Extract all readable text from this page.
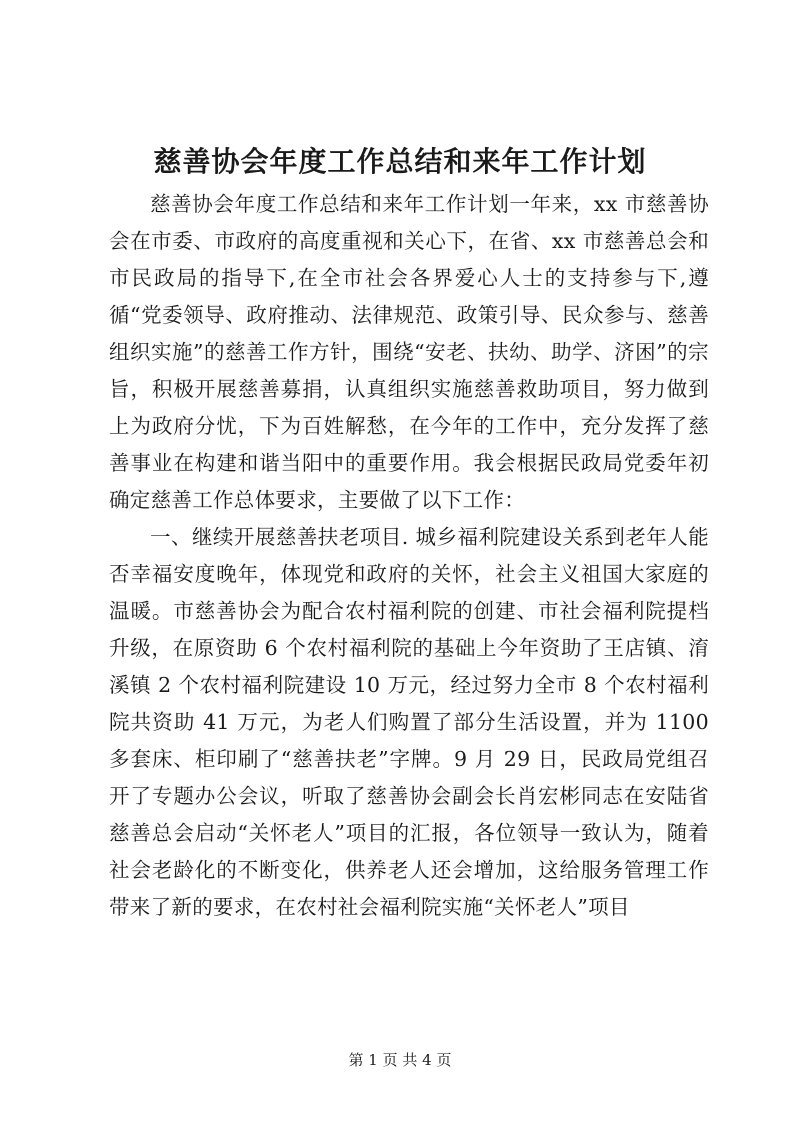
慈善协会年度工作总结和来年工作计划

慈善协会年度工作总结和来年工作计划一年来，xx 市慈善协会在市委、市政府的高度重视和关心下，在省、xx 市慈善总会和市民政局的指导下,在全市社会各界爱心人士的支持参与下,遵循“党委领导、政府推动、法律规范、政策引导、民众参与、慈善组织实施”的慈善工作方针，围绕“安老、扶幼、助学、济困”的宗旨，积极开展慈善募捐，认真组织实施慈善救助项目，努力做到上为政府分忧，下为百姓解愁，在今年的工作中，充分发挥了慈善事业在构建和谐当阳中的重要作用。我会根据民政局党委年初确定慈善工作总体要求，主要做了以下工作：

一、继续开展慈善扶老项目. 城乡福利院建设关系到老年人能否幸福安度晚年，体现党和政府的关怀，社会主义祖国大家庭的温暖。市慈善协会为配合农村福利院的创建、市社会福利院提档升级，在原资助 6 个农村福利院的基础上今年资助了王店镇、淯溪镇 2 个农村福利院建设 10 万元，经过努力全市 8 个农村福利院共资助 41 万元，为老人们购置了部分生活设置，并为 1100 多套床、柜印刷了“慈善扶老”字牌。9 月 29 日，民政局党组召开了专题办公会议，听取了慈善协会副会长肖宏彬同志在安陆省慈善总会启动“关怀老人”项目的汇报，各位领导一致认为，随着社会老龄化的不断变化，供养老人还会增加，这给服务管理工作带来了新的要求，在农村社会福利院实施“关怀老人”项目

第 1 页 共 4 页
